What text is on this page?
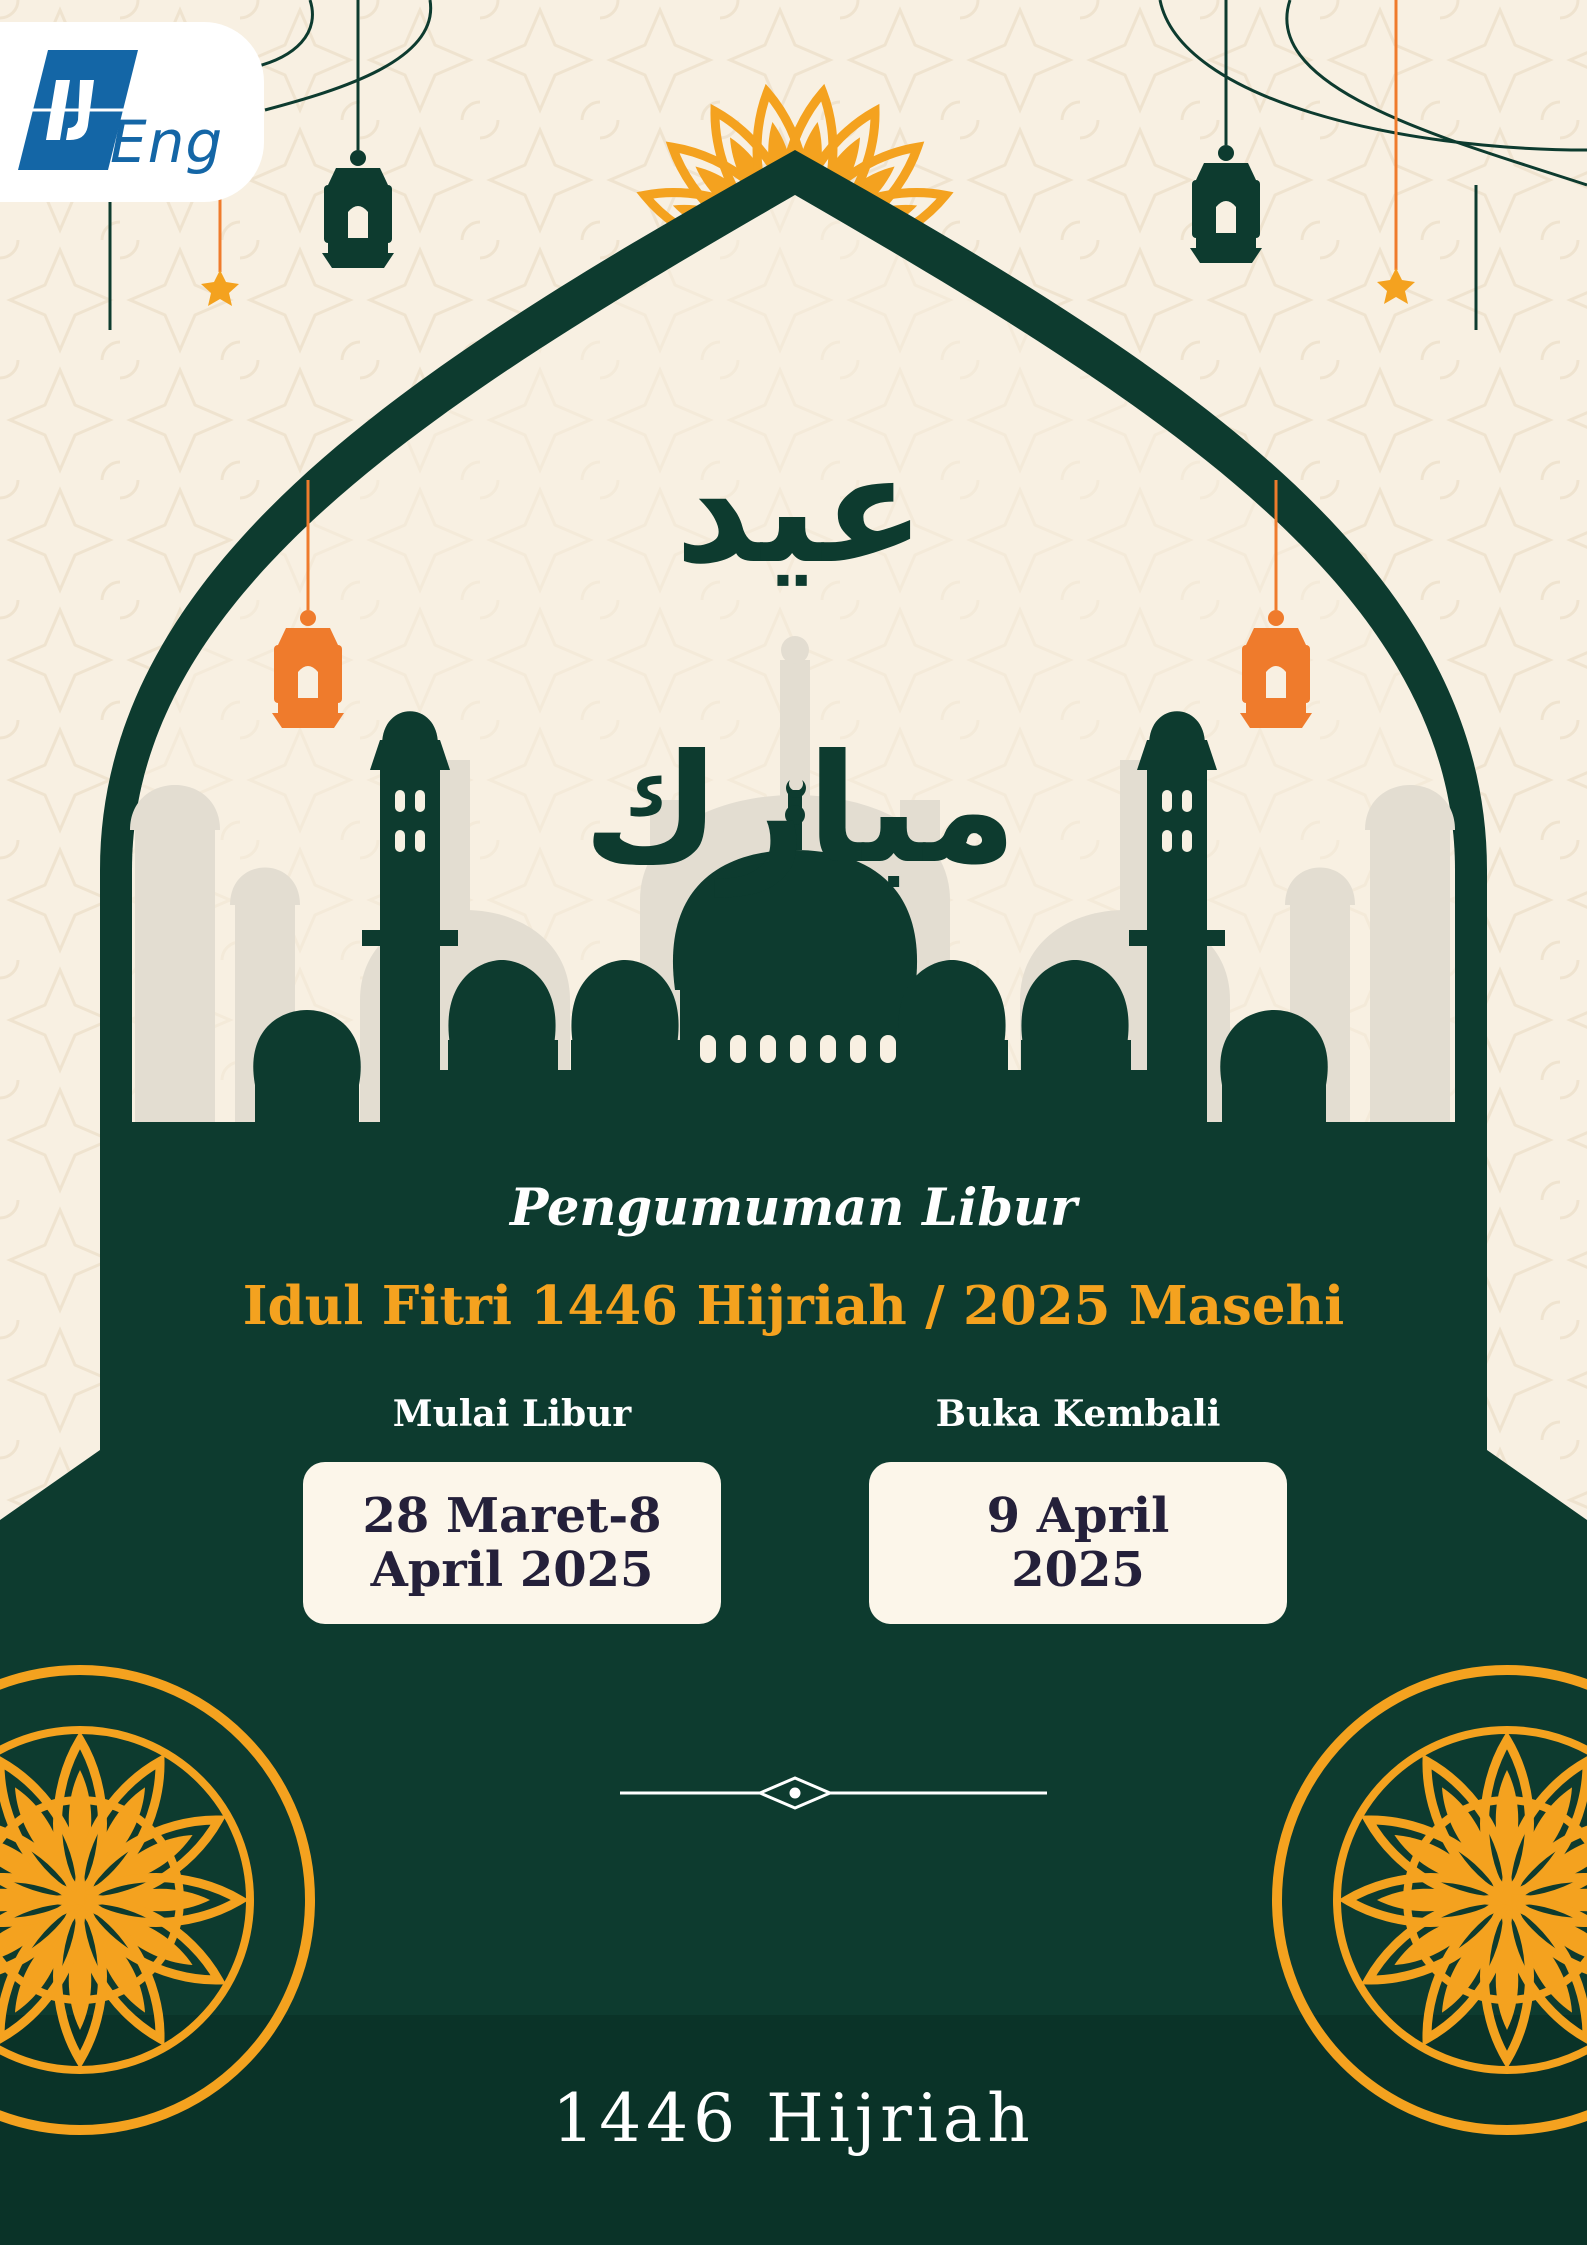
Eng
عيد مبارك
Pengumuman Libur
Idul Fitri 1446 Hijriah / 2025 Masehi
Mulai Libur	Buka Kembali
28 Maret-8 April 2025
9 April 2025
1446 Hijriah
